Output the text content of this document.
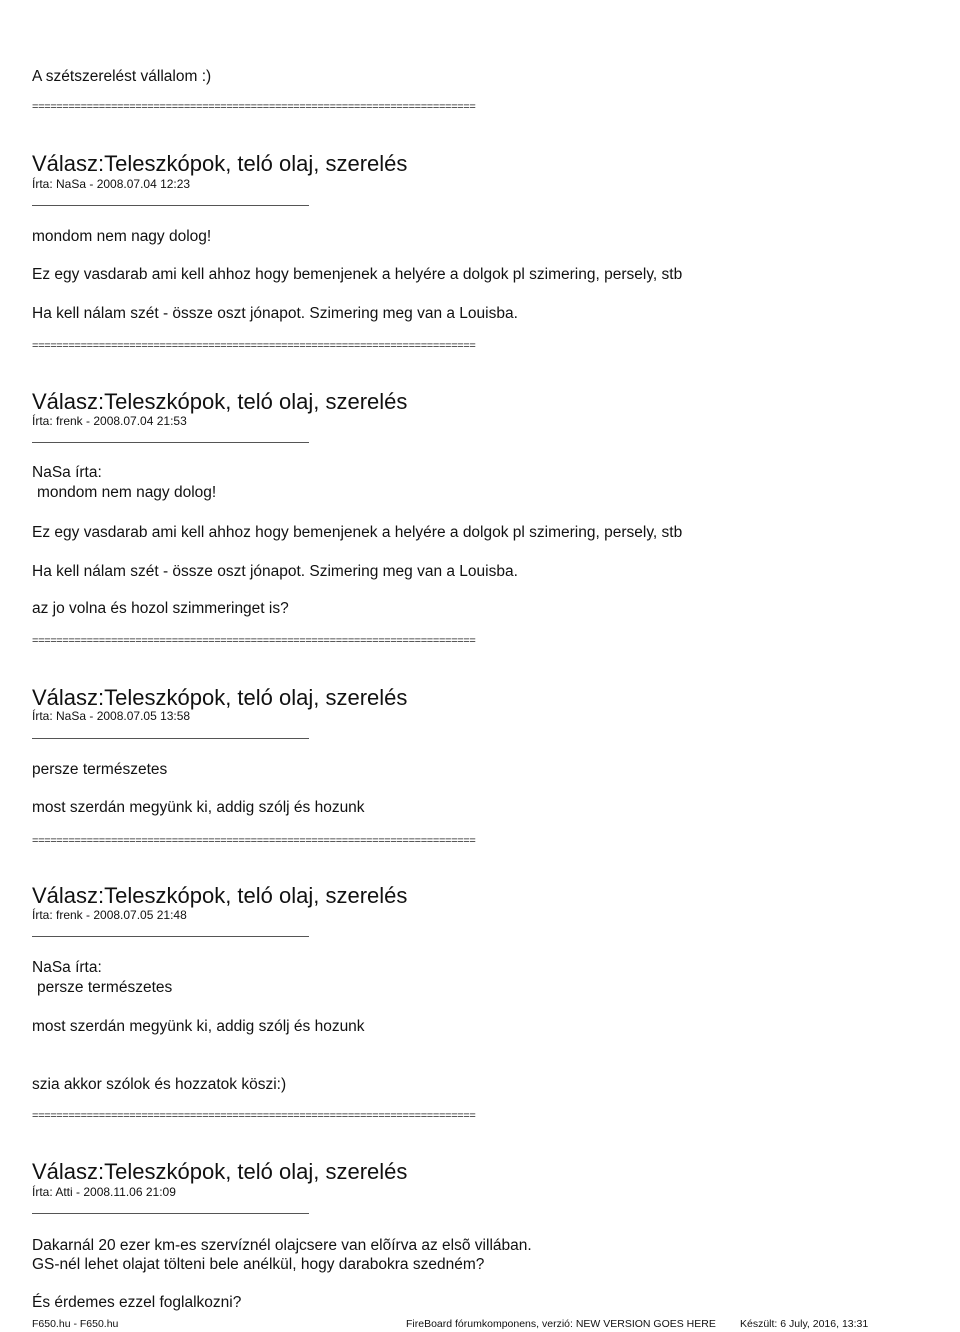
A szétszerelést vállalom :)
=========================================================================
Válasz:Teleszkópok, teló olaj, szerelés
Írta: NaSa - 2008.07.04 12:23
mondom nem nagy dolog!
Ez egy vasdarab ami kell ahhoz hogy bemenjenek a helyére a dolgok pl szimering, persely, stb
Ha kell nálam szét - össze oszt jónapot. Szimering meg van a Louisba.
=========================================================================
Válasz:Teleszkópok, teló olaj, szerelés
Írta: frenk - 2008.07.04 21:53
NaSa írta:
mondom nem nagy dolog!
Ez egy vasdarab ami kell ahhoz hogy bemenjenek a helyére a dolgok pl szimering, persely, stb
Ha kell nálam szét - össze oszt jónapot. Szimering meg van a Louisba.
az jo volna és hozol szimmeringet is?
=========================================================================
Válasz:Teleszkópok, teló olaj, szerelés
Írta: NaSa - 2008.07.05 13:58
persze természetes
most szerdán megyünk ki, addig szólj és hozunk
=========================================================================
Válasz:Teleszkópok, teló olaj, szerelés
Írta: frenk - 2008.07.05 21:48
NaSa írta:
persze természetes
most szerdán megyünk ki, addig szólj és hozunk
szia akkor szólok és hozzatok köszi:)
=========================================================================
Válasz:Teleszkópok, teló olaj, szerelés
Írta: Atti - 2008.11.06 21:09
Dakarnál 20 ezer km-es szervíznél olajcsere van elõírva az elsõ villában.
GS-nél lehet olajat tölteni bele anélkül, hogy darabokra szedném?
És érdemes ezzel foglalkozni?
F650.hu - F650.hu	FireBoard fórumkomponens, verzió: NEW VERSION GOES HERE Készült: 6 July, 2016, 13:31
